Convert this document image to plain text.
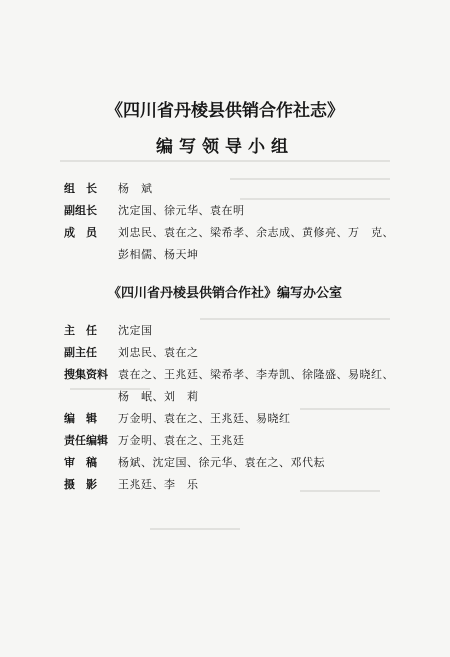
《四川省丹棱县供销合作社志》
编写领导小组
组　长	杨　斌
副组长	沈定国、徐元华、袁在明
成　员	刘忠民、袁在之、梁希孝、余志成、黄修亮、万　克、
彭相儒、杨天坤
《四川省丹棱县供销合作社》编写办公室
主　任	沈定国
副主任	刘忠民、袁在之
搜集资料 袁在之、王兆廷、梁希孝、李寿凯、徐隆盛、易晓红、
杨　岷、刘　莉
编　辑	万金明、袁在之、王兆廷、易晓红
责任编辑 万金明、袁在之、王兆廷
审　稿	杨斌、沈定国、徐元华、袁在之、邓代耘
摄　影	王兆廷、李　乐
